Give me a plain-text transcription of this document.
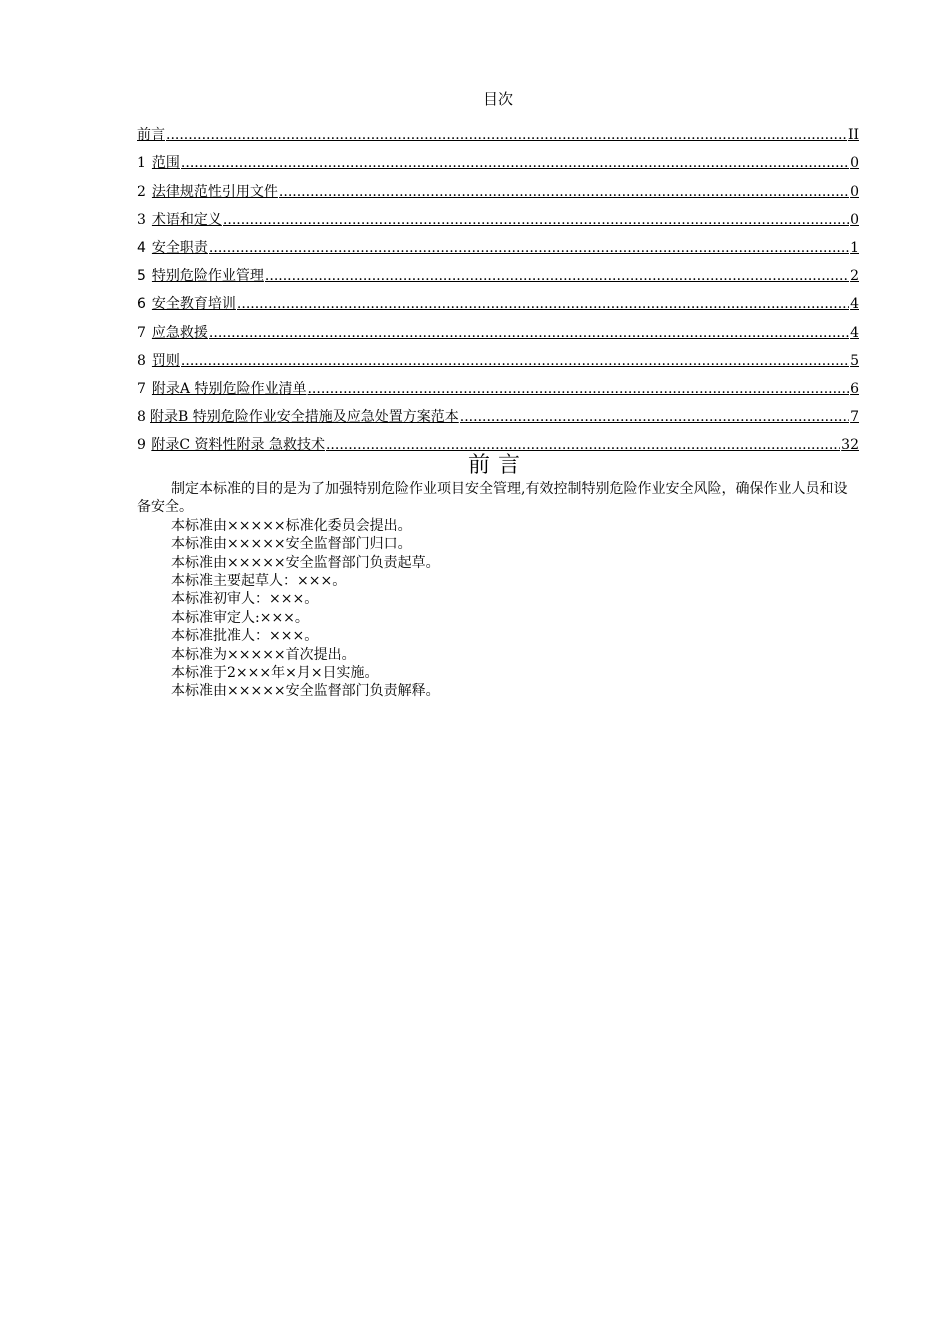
目次
前言 .....	II
1 范围 .....	0
2 法律规范性引用文件 .....	0
3 术语和定义 .....	0
4 安全职责 .....	1
5 特别危险作业管理 .....	2
6 安全教育培训 .....	4
7 应急救援 .....	4
8 罚则 .....	5
7 附录A 特别危险作业清单 .....	6
8 附录B 特别危险作业安全措施及应急处置方案范本 .....	7
9 附录C 资料性附录 急救技术 .....	32
前言

制定本标准的目的是为了加强特别危险作业项目安全管理,有效控制特别危险作业安全风险，确保作业人员和设备安全。

本标准由×××××标准化委员会提出。

本标准由×××××安全监督部门归口。

本标准由×××××安全监督部门负责起草。

本标准主要起草人：×××。

本标准初审人：×××。

本标准审定人:×××。

本标准批准人：×××。

本标准为×××××首次提出。

本标准于2×××年×月×日实施。

本标准由×××××安全监督部门负责解释。
